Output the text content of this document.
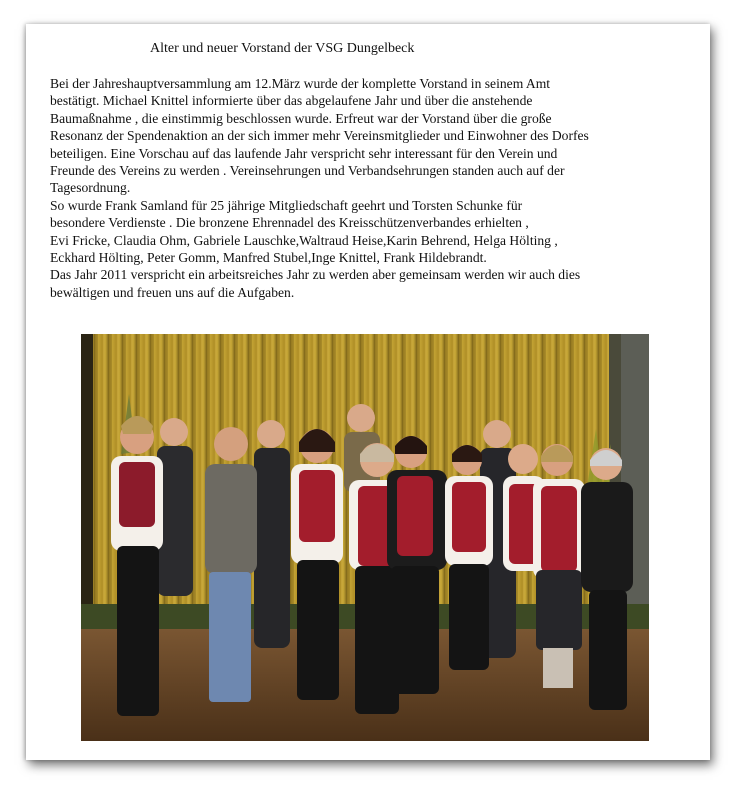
Alter und neuer Vorstand der VSG Dungelbeck
Bei der Jahreshauptversammlung am 12.März wurde der komplette Vorstand in seinem Amt
bestätigt. Michael Knittel informierte über das abgelaufene Jahr und über die anstehende
Baumaßnahme , die einstimmig beschlossen wurde. Erfreut war der Vorstand über die große
Resonanz der Spendenaktion an der sich immer mehr Vereinsmitglieder und Einwohner des Dorfes
beteiligen. Eine Vorschau auf das laufende Jahr verspricht sehr interessant für den Verein und
Freunde des Vereins zu werden . Vereinsehrungen und Verbandsehrungen standen auch auf der
Tagesordnung.
So wurde Frank Samland für 25 jährige Mitgliedschaft geehrt und Torsten Schunke für
besondere Verdienste . Die bronzene Ehrennadel des Kreisschützenverbandes erhielten ,
Evi Fricke, Claudia Ohm, Gabriele Lauschke,Waltraud Heise,Karin Behrend, Helga Hölting ,
Eckhard Hölting, Peter Gomm, Manfred Stubel,Inge Knittel, Frank Hildebrandt.
Das Jahr 2011 verspricht ein arbeitsreiches Jahr zu werden aber gemeinsam werden wir auch dies
bewältigen und freuen uns auf die Aufgaben.
